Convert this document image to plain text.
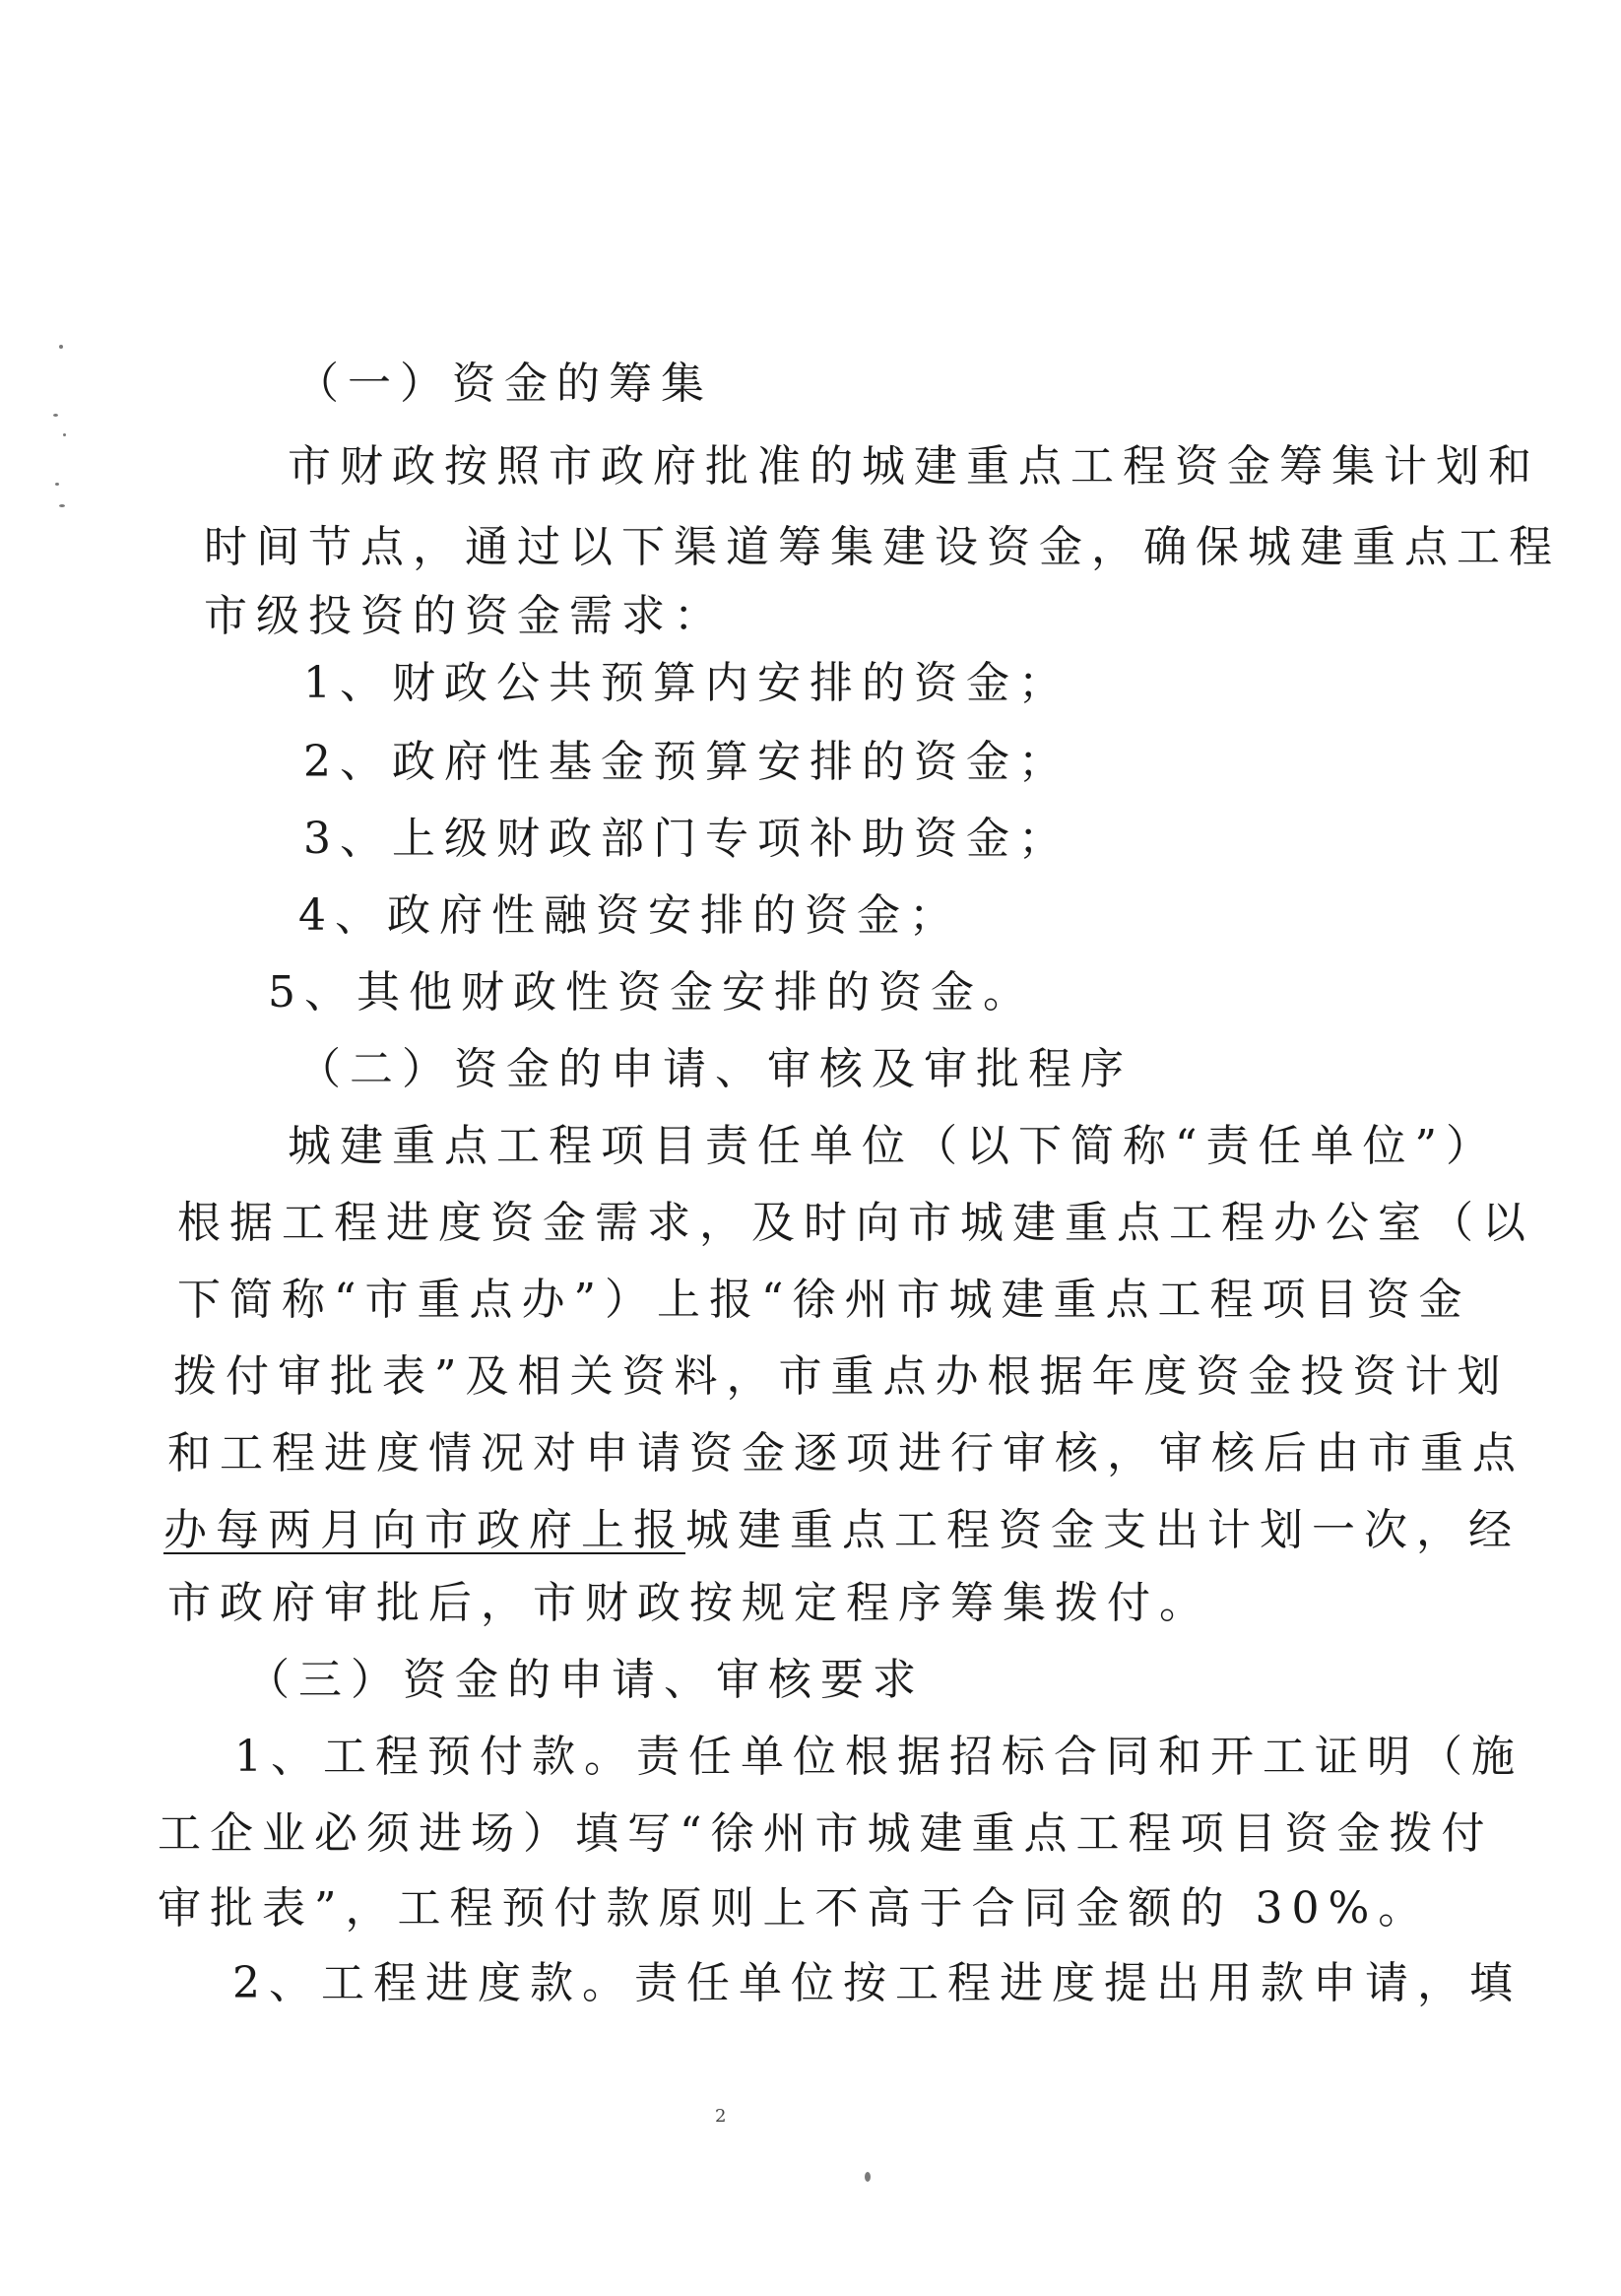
（一）资金的筹集
市财政按照市政府批准的城建重点工程资金筹集计划和
时间节点，通过以下渠道筹集建设资金，确保城建重点工程
市级投资的资金需求：
1、财政公共预算内安排的资金；
2、政府性基金预算安排的资金；
3、上级财政部门专项补助资金；
4、政府性融资安排的资金；
5、其他财政性资金安排的资金。
（二）资金的申请、审核及审批程序
城建重点工程项目责任单位（以下简称“责任单位”）
根据工程进度资金需求，及时向市城建重点工程办公室（以
下简称“市重点办”）上报“徐州市城建重点工程项目资金
拨付审批表”及相关资料，市重点办根据年度资金投资计划
和工程进度情况对申请资金逐项进行审核，审核后由市重点
办每两月向市政府上报城建重点工程资金支出计划一次，经
市政府审批后，市财政按规定程序筹集拨付。
（三）资金的申请、审核要求
1、工程预付款。责任单位根据招标合同和开工证明（施
工企业必须进场）填写“徐州市城建重点工程项目资金拨付
审批表”，工程预付款原则上不高于合同金额的 30%。
2、工程进度款。责任单位按工程进度提出用款申请，填
2
